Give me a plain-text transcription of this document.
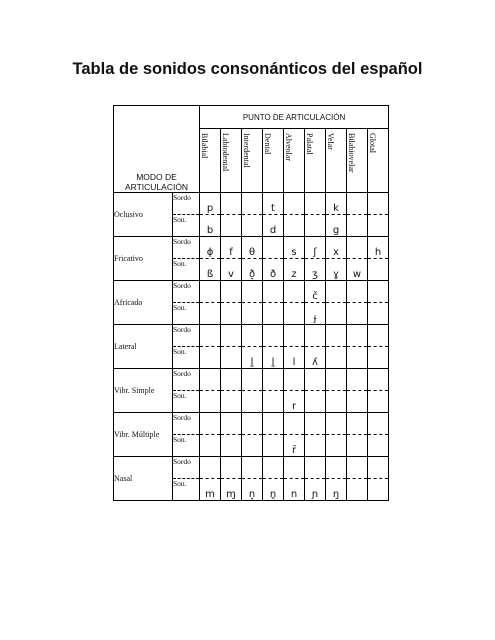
Tabla de sonidos consonánticos del español
MODO DE
ARTICULACIÓN		PUNTO DE ARTICULACIÓN								
		Bilabial	Labiodental	Interdental	Dental	Alveolar	Palatal	Velar	Bilabiovelar	Glotal
Oclusivo	Sordo	p			t			k		
	Son.	b			d			g		
Fricativo	Sordo	ɸ	f	θ		s	ʃ	x		h
	Son.	ß	v	ð̞	ð	z	ʒ	ɣ	w	
Africado	Sordo						č			
	Son.						ɟ			
Lateral	Sordo									
	Son.			l̪	l̪	l	ʎ			
Vibr. Simple	Sordo									
	Son.					r				
Vibr. Múltiple	Sordo									
	Son.					r̄				
Nasal	Sordo									
	Son.	m	ɱ	n̟	n̪	n	ɲ	ŋ		
